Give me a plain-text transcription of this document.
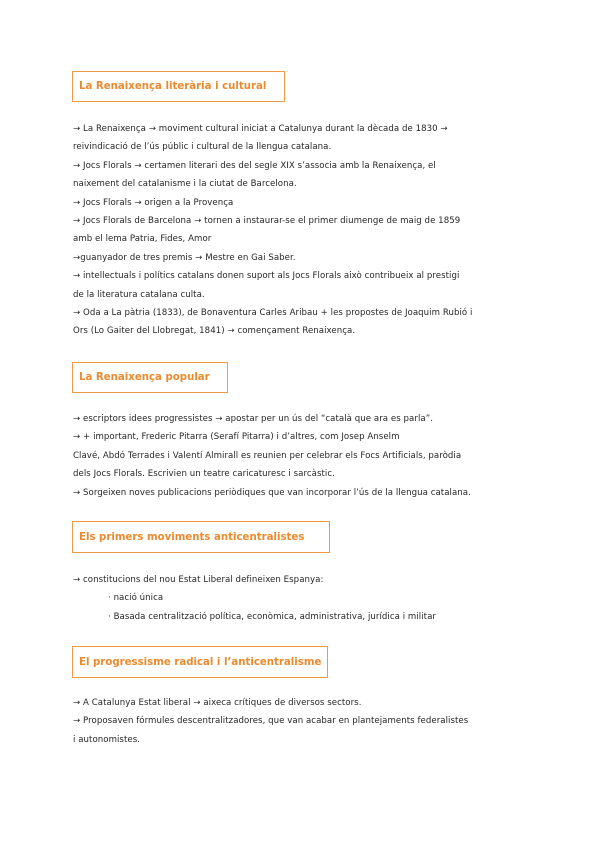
La Renaixença literària i cultural

→ La Renaixença → moviment cultural iniciat a Catalunya durant la dècada de 1830 →

reivindicació de l’ús públic i cultural de la llengua catalana.

→ Jocs Florals → certamen literari des del segle XIX s’associa amb la Renaixença, el

naixement del catalanisme i la ciutat de Barcelona.

→ Jocs Florals → origen a la Provença

→ Jocs Florals de Barcelona → tornen a instaurar-se el primer diumenge de maig de 1859

amb el lema Patria, Fides, Amor

→guanyador de tres premis → Mestre en Gai Saber.

→ intellectuals i polítics catalans donen suport als Jocs Florals això contribueix al prestigi

de la literatura catalana culta.

→ Oda a La pàtria (1833), de Bonaventura Carles Aribau + les propostes de Joaquim Rubió i

Ors (Lo Gaiter del Llobregat, 1841) → començament Renaixença.

La Renaixença popular

→ escriptors idees progressistes → apostar per un ús del “català que ara es parla”.

→ + important, Frederic Pitarra (Serafí Pitarra) i d’altres, com Josep Anselm

Clavé, Abdó Terrades i Valentí Almirall es reunien per celebrar els Focs Artificials, paròdia

dels Jocs Florals. Escrivien un teatre caricaturesc i sarcàstic.

→ Sorgeixen noves publicacions periòdiques que van incorporar l’ús de la llengua catalana.

Els primers moviments anticentralistes

→ constitucions del nou Estat Liberal defineixen Espanya:

· nació única

· Basada centralització política, econòmica, administrativa, jurídica i militar

El progressisme radical i l’anticentralisme

→ A Catalunya Estat liberal → aixeca crítiques de diversos sectors.

→ Proposaven fórmules descentralitzadores, que van acabar en plantejaments federalistes

i autonomistes.
